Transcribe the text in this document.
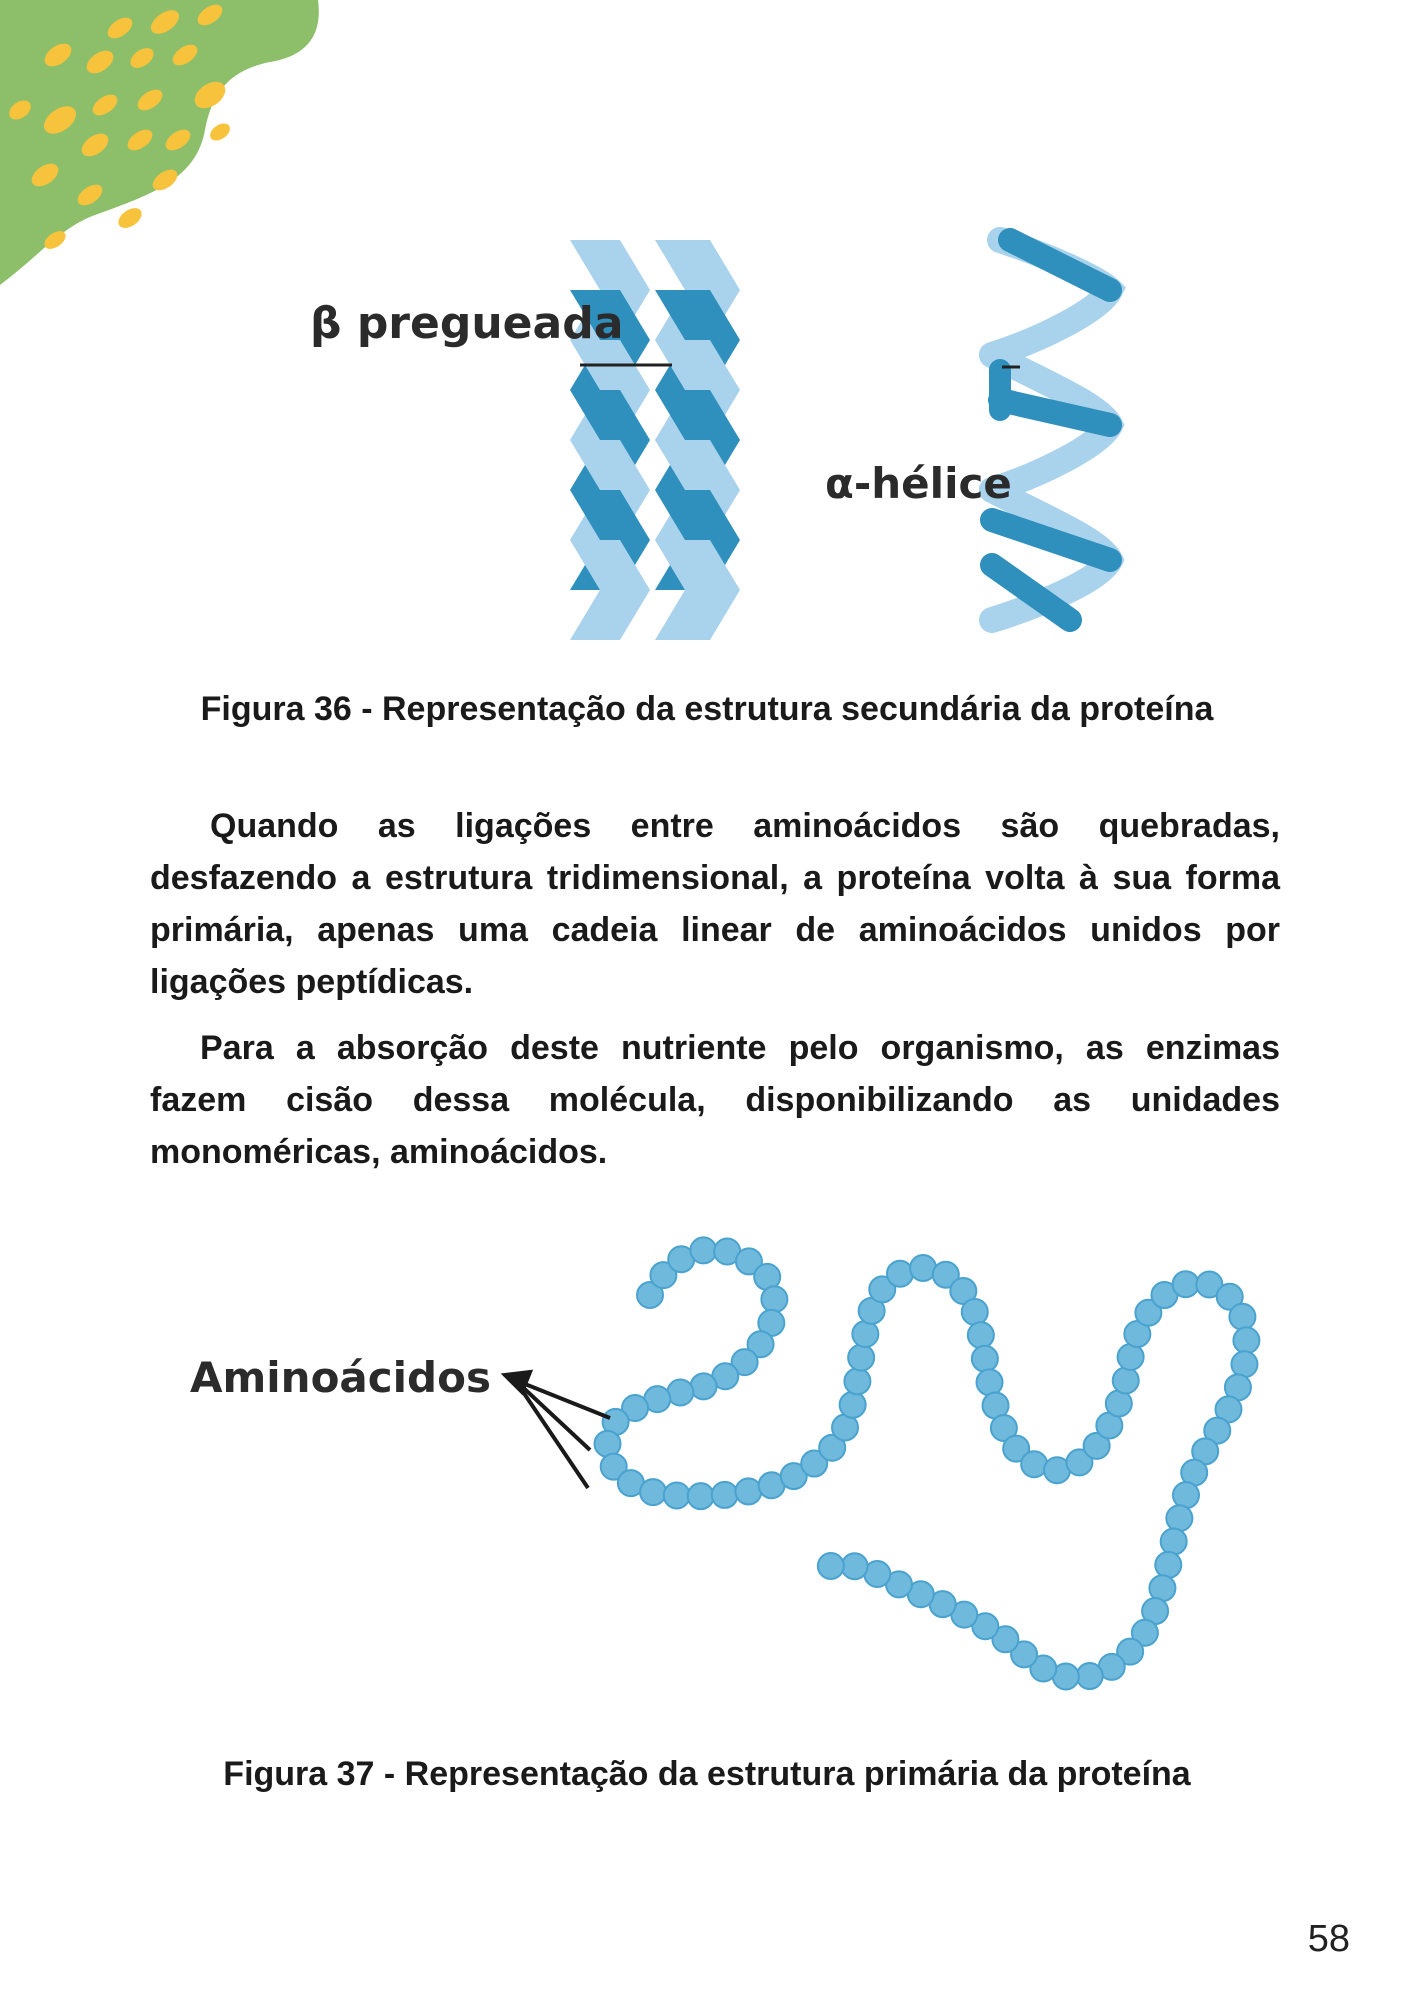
β pregueada
α-hélice

Figura 36 - Representação da estrutura secundária da proteína

Quando as ligações entre aminoácidos são quebradas, desfazendo a estrutura tridimensional, a proteína volta à sua forma primária, apenas uma cadeia linear de aminoácidos unidos por ligações peptídicas.

Para a absorção deste nutriente pelo organismo, as enzimas fazem cisão dessa molécula, disponibilizando as unidades monoméricas, aminoácidos.

Aminoácidos

Figura 37 - Representação da estrutura primária da proteína

58
